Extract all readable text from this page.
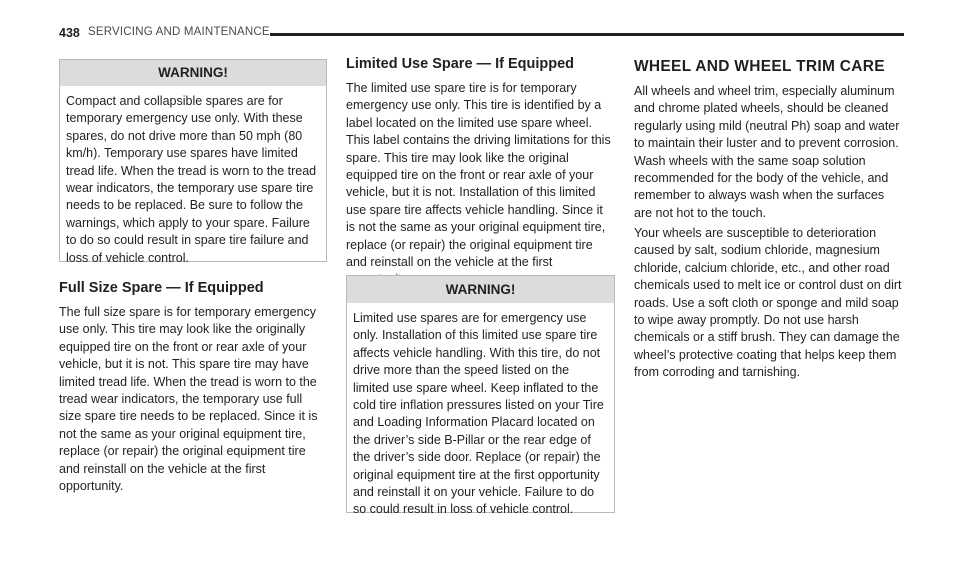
438 SERVICING AND MAINTENANCE
WARNING!
Compact and collapsible spares are for temporary emergency use only. With these spares, do not drive more than 50 mph (80 km/h). Temporary use spares have limited tread life. When the tread is worn to the tread wear indicators, the temporary use spare tire needs to be replaced. Be sure to follow the warnings, which apply to your spare. Failure to do so could result in spare tire failure and loss of vehicle control.
Full Size Spare — If Equipped

The full size spare is for temporary emergency use only. This tire may look like the originally equipped tire on the front or rear axle of your vehicle, but it is not. This spare tire may have limited tread life. When the tread is worn to the tread wear indicators, the temporary use full size spare tire needs to be replaced. Since it is not the same as your original equipment tire, replace (or repair) the original equipment tire and reinstall on the vehicle at the first opportunity.

Limited Use Spare — If Equipped

The limited use spare tire is for temporary emergency use only. This tire is identified by a label located on the limited use spare wheel. This label contains the driving limitations for this spare. This tire may look like the original equipped tire on the front or rear axle of your vehicle, but it is not. Installation of this limited use spare tire affects vehicle handling. Since it is not the same as your original equipment tire, replace (or repair) the original equipment tire and reinstall on the vehicle at the first

WARNING!
Limited use spares are for emergency use only. Installation of this limited use spare tire affects vehicle handling. With this tire, do not drive more than the speed listed on the limited use spare wheel. Keep inflated to the cold tire inflation pressures listed on your Tire and Loading Information Placard located on the driver’s side B-Pillar or the rear edge of the driver’s side door. Replace (or repair) the original equipment tire at the first opportunity and reinstall it on your vehicle. Failure to do so could result in loss of vehicle control.
WHEEL AND WHEEL TRIM CARE

All wheels and wheel trim, especially aluminum and chrome plated wheels, should be cleaned regularly using mild (neutral Ph) soap and water to maintain their luster and to prevent corrosion. Wash wheels with the same soap solution recommended for the body of the vehicle, and remember to always wash when the surfaces are not hot to the touch.

Your wheels are susceptible to deterioration caused by salt, sodium chloride, magnesium chloride, calcium chloride, etc., and other road chemicals used to melt ice or control dust on dirt roads. Use a soft cloth or sponge and mild soap to wipe away promptly. Do not use harsh chemicals or a stiff brush. They can damage the wheel’s protective coating that helps keep them from corroding and tarnishing.
